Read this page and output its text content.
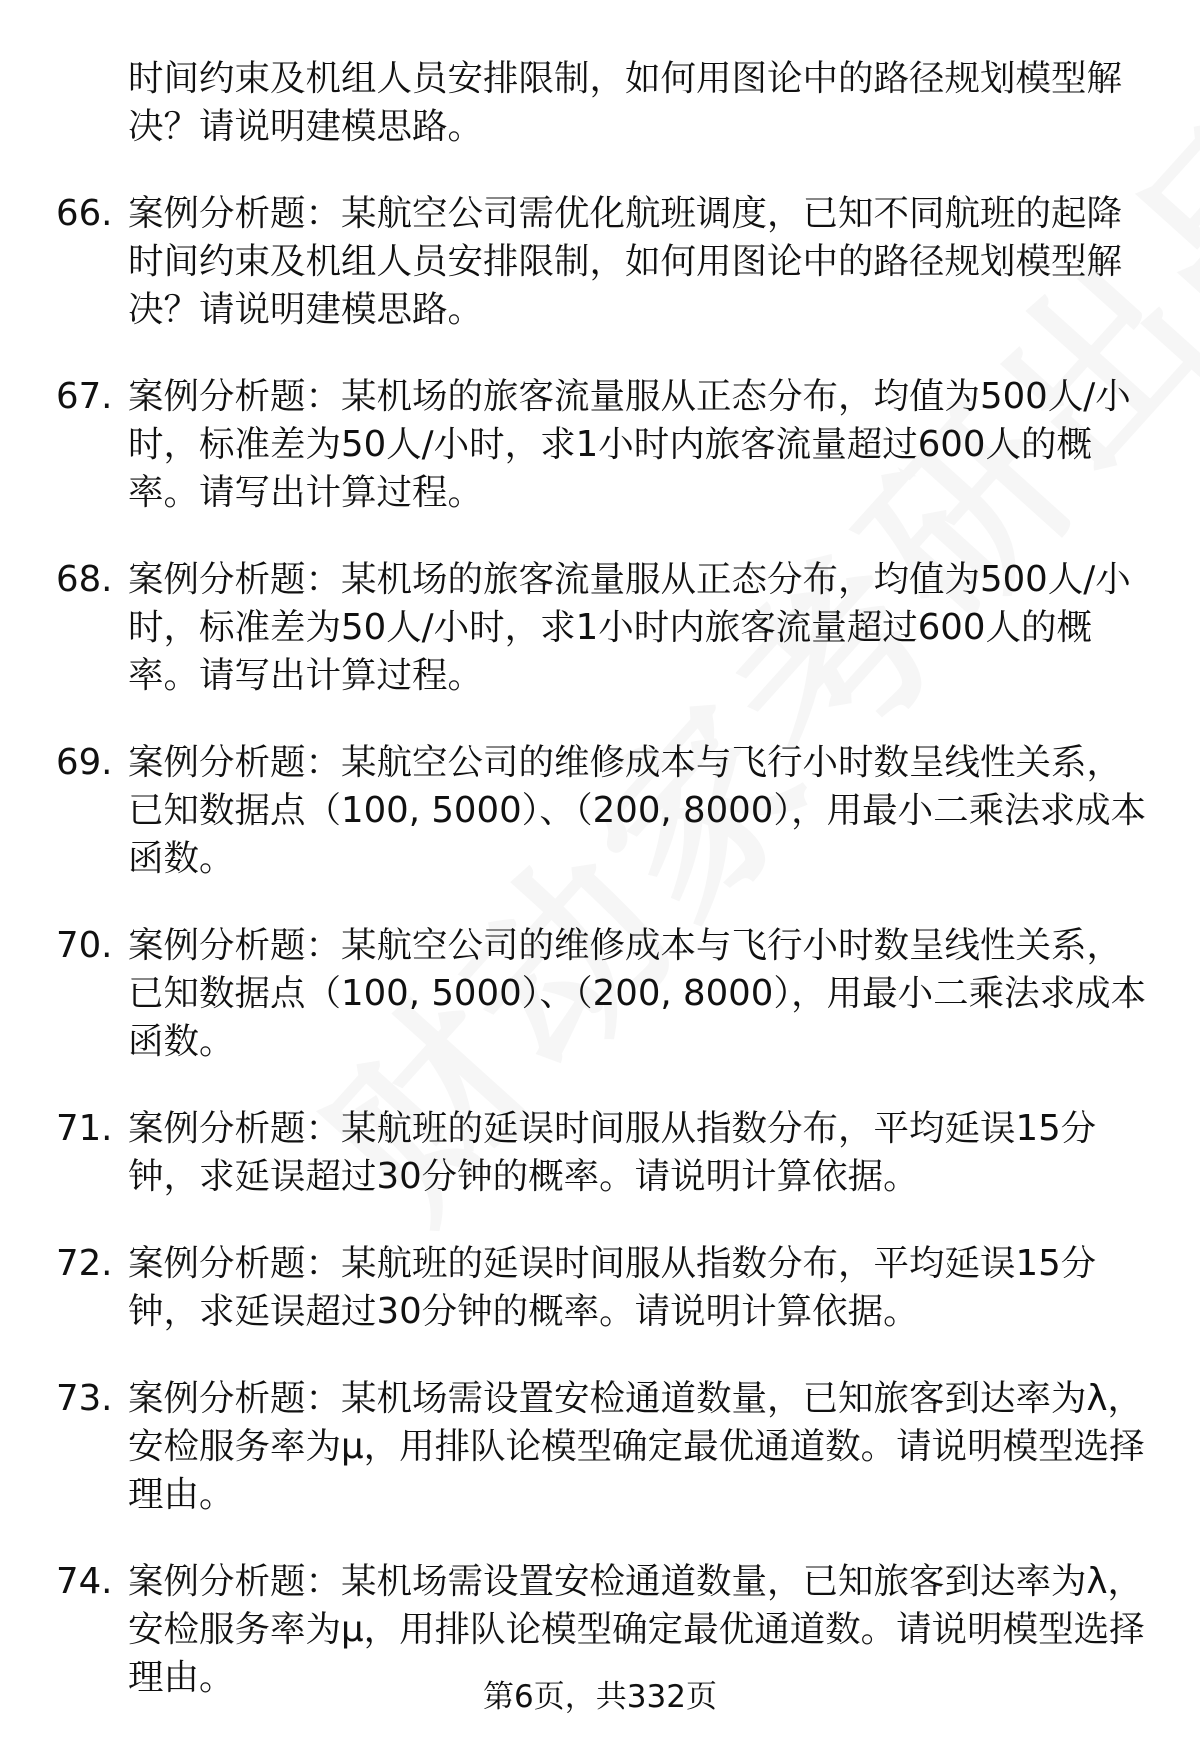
时间约束及机组人员安排限制，如何用图论中的路径规划模型解决？请说明建模思路。
66. 案例分析题：某航空公司需优化航班调度，已知不同航班的起降时间约束及机组人员安排限制，如何用图论中的路径规划模型解决？请说明建模思路。
67. 案例分析题：某机场的旅客流量服从正态分布，均值为500人/小时，标准差为50人/小时，求1小时内旅客流量超过600人的概率。请写出计算过程。
68. 案例分析题：某机场的旅客流量服从正态分布，均值为500人/小时，标准差为50人/小时，求1小时内旅客流量超过600人的概率。请写出计算过程。
69. 案例分析题：某航空公司的维修成本与飞行小时数呈线性关系，已知数据点（100, 5000）、（200, 8000），用最小二乘法求成本函数。
70. 案例分析题：某航空公司的维修成本与飞行小时数呈线性关系，已知数据点（100, 5000）、（200, 8000），用最小二乘法求成本函数。
71. 案例分析题：某航班的延误时间服从指数分布，平均延误15分钟，求延误超过30分钟的概率。请说明计算依据。
72. 案例分析题：某航班的延误时间服从指数分布，平均延误15分钟，求延误超过30分钟的概率。请说明计算依据。
73. 案例分析题：某机场需设置安检通道数量，已知旅客到达率为λ，安检服务率为μ，用排队论模型确定最优通道数。请说明模型选择理由。
74. 案例分析题：某机场需设置安检通道数量，已知旅客到达率为λ，安检服务率为μ，用排队论模型确定最优通道数。请说明模型选择理由。	第6页，共332页
